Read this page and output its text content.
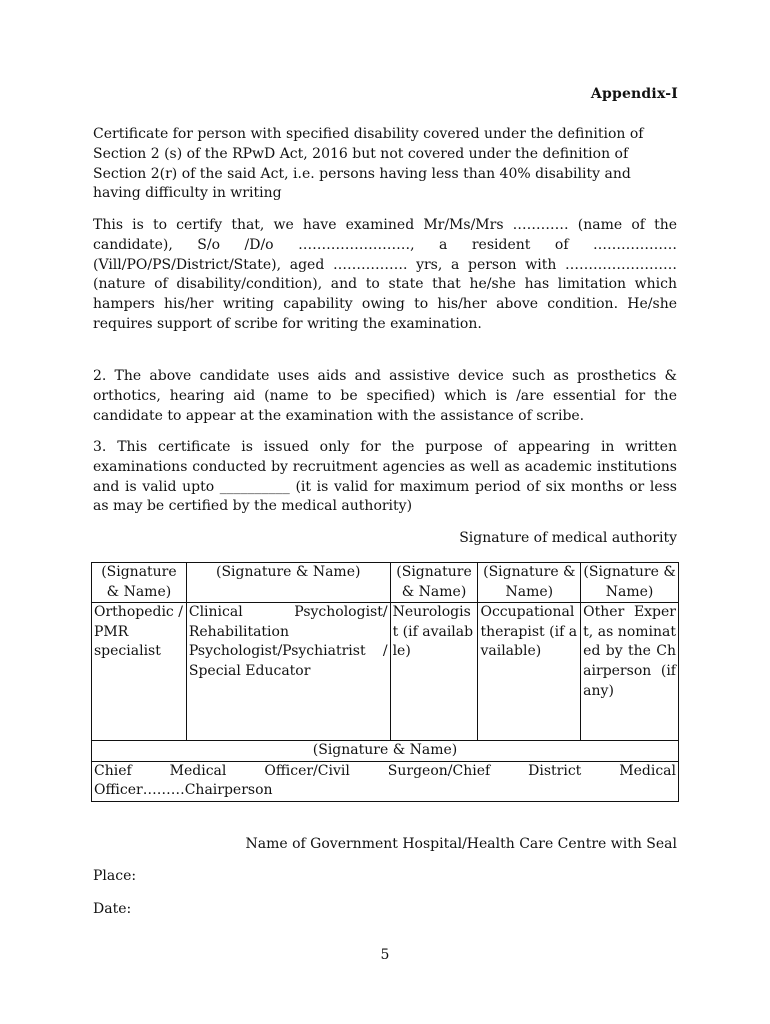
Appendix-I
Certificate for person with specified disability covered under the definition of Section 2 (s) of the RPwD Act, 2016 but not covered under the definition of Section 2(r) of the said Act, i.e. persons having less than 40% disability and having difficulty in writing
This is to certify that, we have examined Mr/Ms/Mrs ………… (name of the candidate), S/o /D/o ……………………, a resident of ………………(Vill/PO/PS/District/State), aged ……………. yrs, a person with …………………… (nature of disability/condition), and to state that he/she has limitation which hampers his/her writing capability owing to his/her above condition. He/she requires support of scribe for writing the examination.
2. The above candidate uses aids and assistive device such as prosthetics & orthotics, hearing aid (name to be specified) which is /are essential for the candidate to appear at the examination with the assistance of scribe.
3. This certificate is issued only for the purpose of appearing in written examinations conducted by recruitment agencies as well as academic institutions and is valid upto __________ (it is valid for maximum period of six months or less as may be certified by the medical authority)
Signature of medical authority
(Signature & Name)	(Signature & Name)	(Signature & Name)	(Signature & Name)	(Signature & Name)
Orthopedic / PMR specialist	Clinical Psychologist/ Rehabilitation Psychologist/Psychiatrist / Special Educator	Neurologist (if available)	Occupational therapist (if available)	Other Expert, as nominated by the Chairperson (if any)
(Signature & Name)				

Chief Medical Officer/Civil Surgeon/Chief District Medical
Officer………Chairperson				
Name of Government Hospital/Health Care Centre with Seal
Place:
Date:
5
